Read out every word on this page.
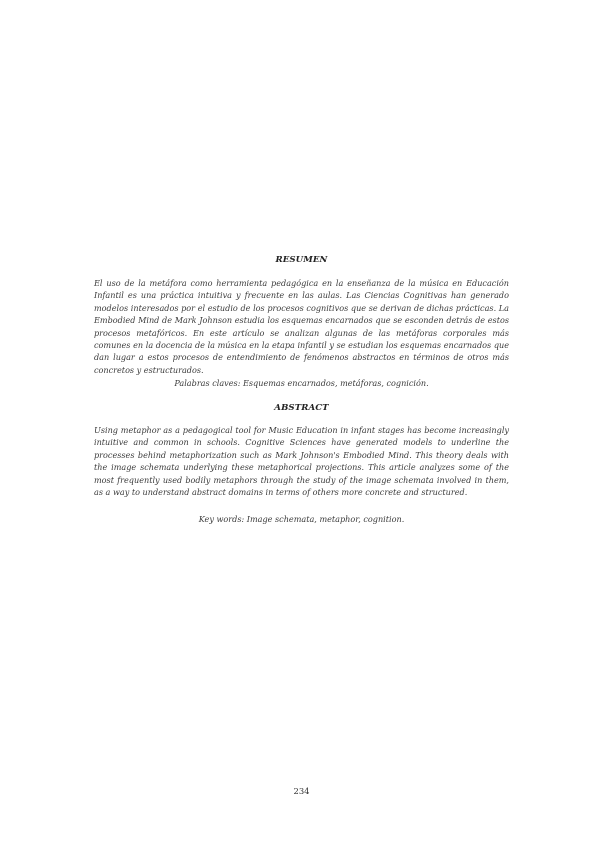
RESUMEN

El uso de la metáfora como herramienta pedagógica en la enseñanza de la música en Educación Infantil es una práctica intuitiva y frecuente en las aulas. Las Ciencias Cognitivas han generado modelos interesados por el estudio de los procesos cognitivos que se derivan de dichas prácticas. La Embodied Mind de Mark Johnson estudia los esquemas encarnados que se esconden detrás de estos procesos metafóricos. En este artículo se analizan algunas de las metáforas corporales más comunes en la docencia de la música en la etapa infantil y se estudian los esquemas encarnados que dan lugar a estos procesos de entendimiento de fenómenos abstractos en términos de otros más concretos y estructurados.

Palabras claves: Esquemas encarnados, metáforas, cognición.
ABSTRACT

Using metaphor as a pedagogical tool for Music Education in infant stages has become increasingly intuitive and common in schools. Cognitive Sciences have generated models to underline the processes behind metaphorization such as Mark Johnson's Embodied Mind. This theory deals with the image schemata underlying these metaphorical projections. This article analyzes some of the most frequently used bodily metaphors through the study of the image schemata involved in them, as a way to understand abstract domains in terms of others more concrete and structured.

Key words: Image schemata, metaphor, cognition.
234
